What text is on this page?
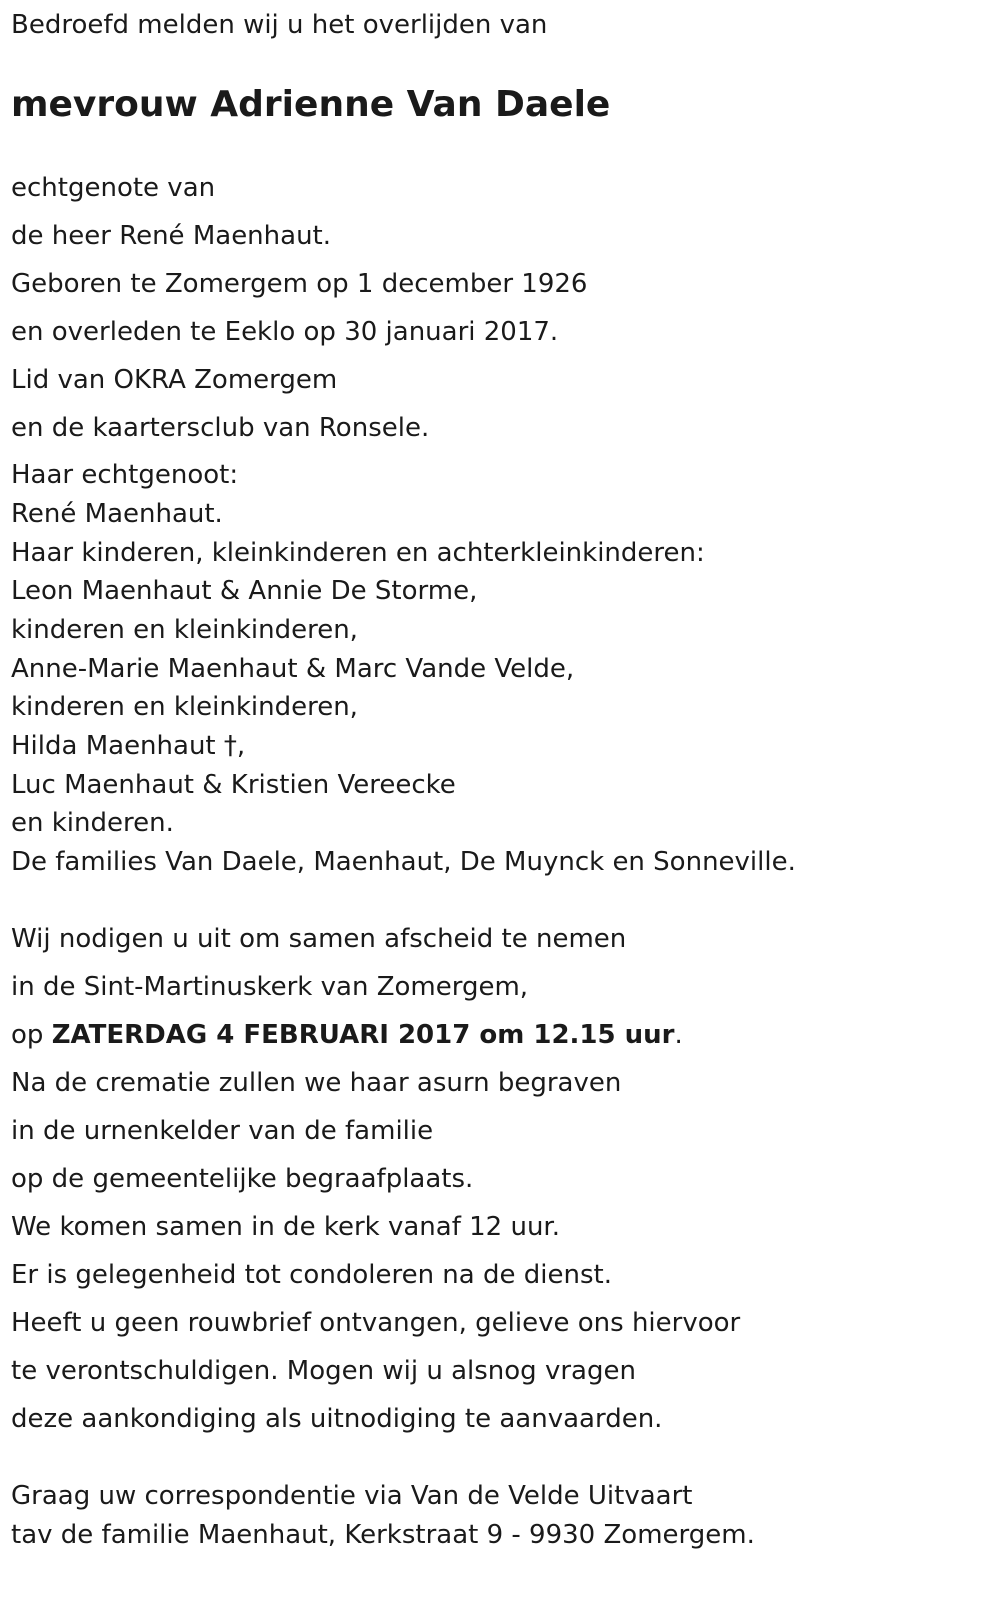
Bedroefd melden wij u het overlijden van

mevrouw Adrienne Van Daele

echtgenote van

de heer René Maenhaut.

Geboren te Zomergem op 1 december 1926

en overleden te Eeklo op 30 januari 2017.

Lid van OKRA Zomergem

en de kaartersclub van Ronsele.

Haar echtgenoot:

René Maenhaut.

Haar kinderen, kleinkinderen en achterkleinkinderen:

Leon Maenhaut & Annie De Storme,

kinderen en kleinkinderen,

Anne-Marie Maenhaut & Marc Vande Velde,

kinderen en kleinkinderen,

Hilda Maenhaut †,

Luc Maenhaut & Kristien Vereecke

en kinderen.

De families Van Daele, Maenhaut, De Muynck en Sonneville.

Wij nodigen u uit om samen afscheid te nemen

in de Sint-Martinuskerk van Zomergem,

op ZATERDAG 4 FEBRUARI 2017 om 12.15 uur.

Na de crematie zullen we haar asurn begraven

in de urnenkelder van de familie

op de gemeentelijke begraafplaats.

We komen samen in de kerk vanaf 12 uur.

Er is gelegenheid tot condoleren na de dienst.

Heeft u geen rouwbrief ontvangen, gelieve ons hiervoor

te verontschuldigen. Mogen wij u alsnog vragen

deze aankondiging als uitnodiging te aanvaarden.

Graag uw correspondentie via Van de Velde Uitvaart

tav de familie Maenhaut, Kerkstraat 9 - 9930 Zomergem.
